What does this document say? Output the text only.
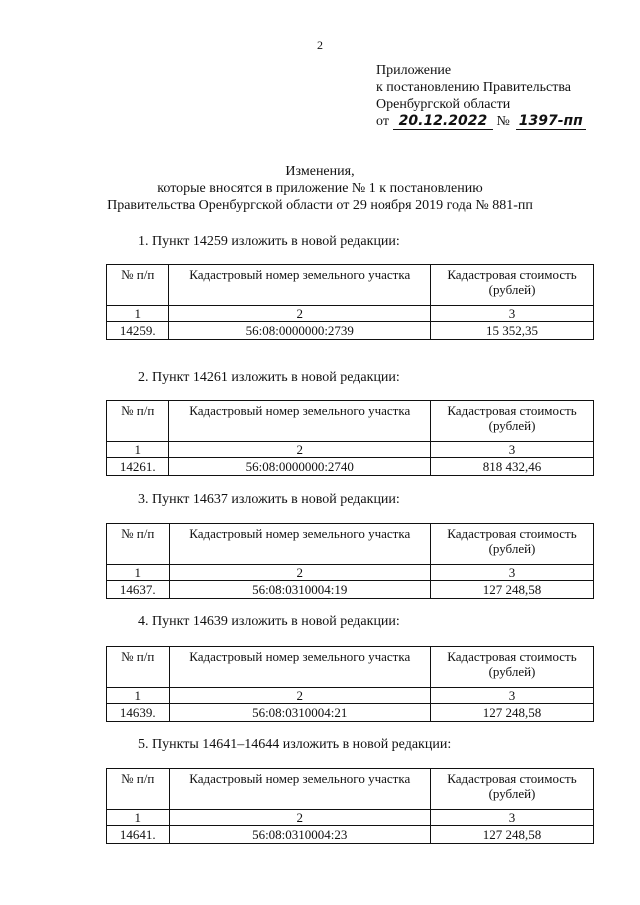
2
Приложение
к постановлению Правительства
Оренбургской области
от 20.12.2022 № 1397-пп
Изменения,
которые вносятся в приложение № 1 к постановлению
Правительства Оренбургской области от 29 ноября 2019 года № 881-пп
1. Пункт 14259 изложить в новой редакции:
№ п/п	Кадастровый номер земельного участка	Кадастровая стоимость
(рублей)
1	2	3
14259.	56:08:0000000:2739	15 352,35
2. Пункт 14261 изложить в новой редакции:
№ п/п	Кадастровый номер земельного участка	Кадастровая стоимость
(рублей)
1	2	3
14261.	56:08:0000000:2740	818 432,46
3. Пункт 14637 изложить в новой редакции:
№ п/п	Кадастровый номер земельного участка	Кадастровая стоимость
(рублей)
1	2	3
14637.	56:08:0310004:19	127 248,58
4. Пункт 14639 изложить в новой редакции:
№ п/п	Кадастровый номер земельного участка	Кадастровая стоимость
(рублей)
1	2	3
14639.	56:08:0310004:21	127 248,58
5. Пункты 14641–14644 изложить в новой редакции:
№ п/п	Кадастровый номер земельного участка	Кадастровая стоимость
(рублей)
1	2	3
14641.	56:08:0310004:23	127 248,58
